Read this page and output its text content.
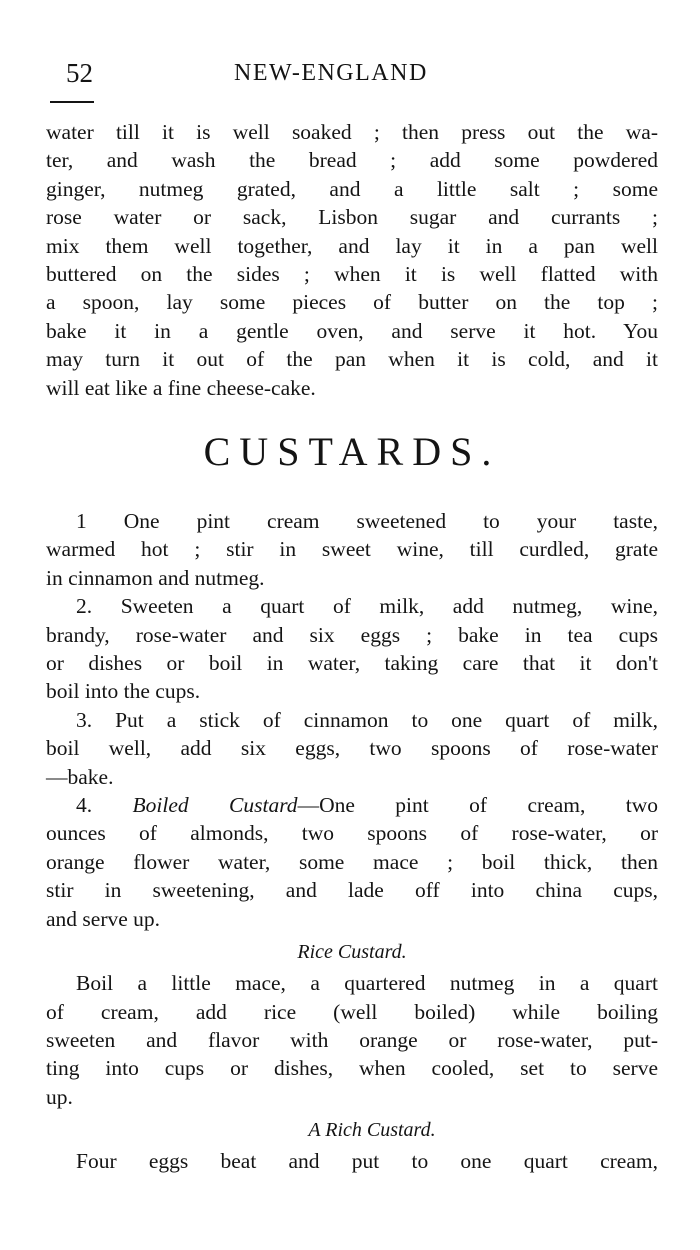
52	NEW-ENGLAND
water till it is well soaked ; then press out the wa-
ter, and wash the bread ; add some powdered
ginger, nutmeg grated, and a little salt ; some
rose water or sack, Lisbon sugar and currants ;
mix them well together, and lay it in a pan well
buttered on the sides ; when it is well flatted with
a spoon, lay some pieces of butter on the top ;
bake it in a gentle oven, and serve it hot. You
may turn it out of the pan when it is cold, and it
will eat like a fine cheese-cake.
CUSTARDS.

1 One pint cream sweetened to your taste,
warmed hot ; stir in sweet wine, till curdled, grate
in cinnamon and nutmeg.

2. Sweeten a quart of milk, add nutmeg, wine,
brandy, rose-water and six eggs ; bake in tea cups
or dishes or boil in water, taking care that it don't
boil into the cups.

3. Put a stick of cinnamon to one quart of milk,
boil well, add six eggs, two spoons of rose-water
—bake.

4. Boiled Custard—One pint of cream, two
ounces of almonds, two spoons of rose-water, or
orange flower water, some mace ; boil thick, then
stir in sweetening, and lade off into china cups,
and serve up.

Rice Custard.

Boil a little mace, a quartered nutmeg in a quart
of cream, add rice (well boiled) while boiling
sweeten and flavor with orange or rose-water, put-
ting into cups or dishes, when cooled, set to serve
up.

A Rich Custard.

Four eggs beat and put to one quart cream,
